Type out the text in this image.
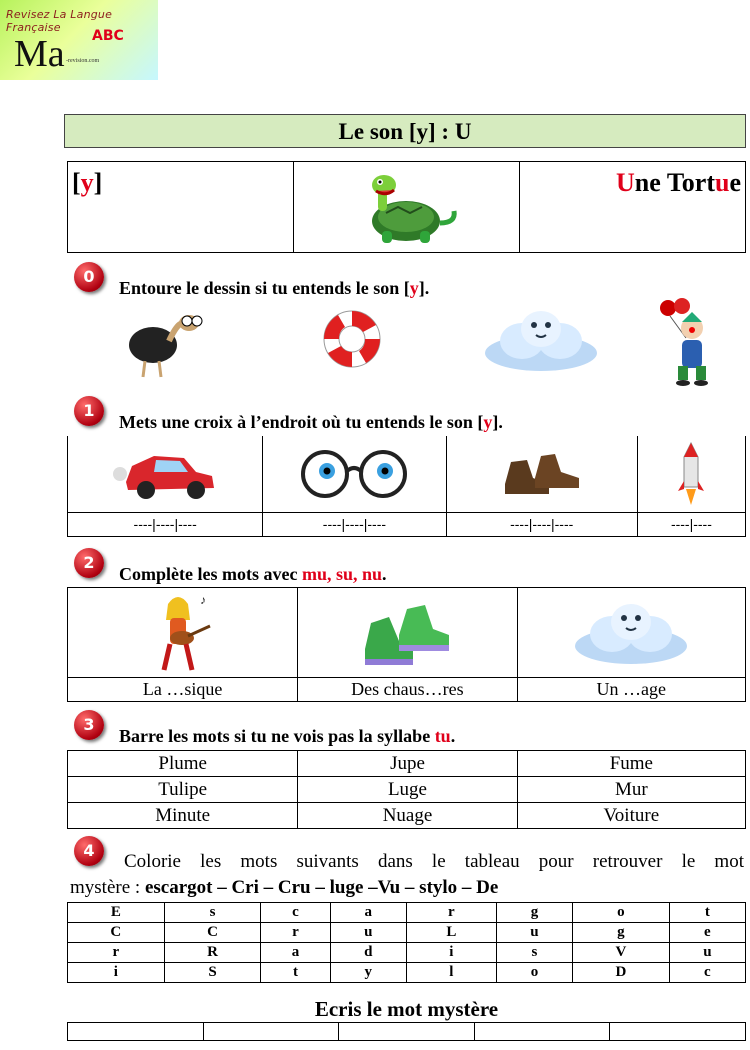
Revisez La Langue Française
Ma ABC
-revision.com
Le son [y] : U
[y]		Une Tortue
0
Entoure le dessin si tu entends le son [y].
1
Mets une croix à l’endroit où tu entends le son [y].

----|----|----	----|----|----	----|----|----	----|----
2
Complète les mots avec mu, su, nu.
♪

La …sique	Des chaus…res	Un …age
3
Barre les mots si tu ne vois pas la syllabe tu.
Plume	Jupe	Fume
Tulipe	Luge	Mur
Minute	Nuage	Voiture
4
Colorie les mots suivants dans le tableau pour retrouver le mot
mystère : escargot – Cri – Cru – luge –Vu – stylo – De
E	s	c	a	r	g	o	t
C	C	r	u	L	u	g	e
r	R	a	d	i	s	V	u
i	S	t	y	l	o	D	c
Ecris le mot mystère
